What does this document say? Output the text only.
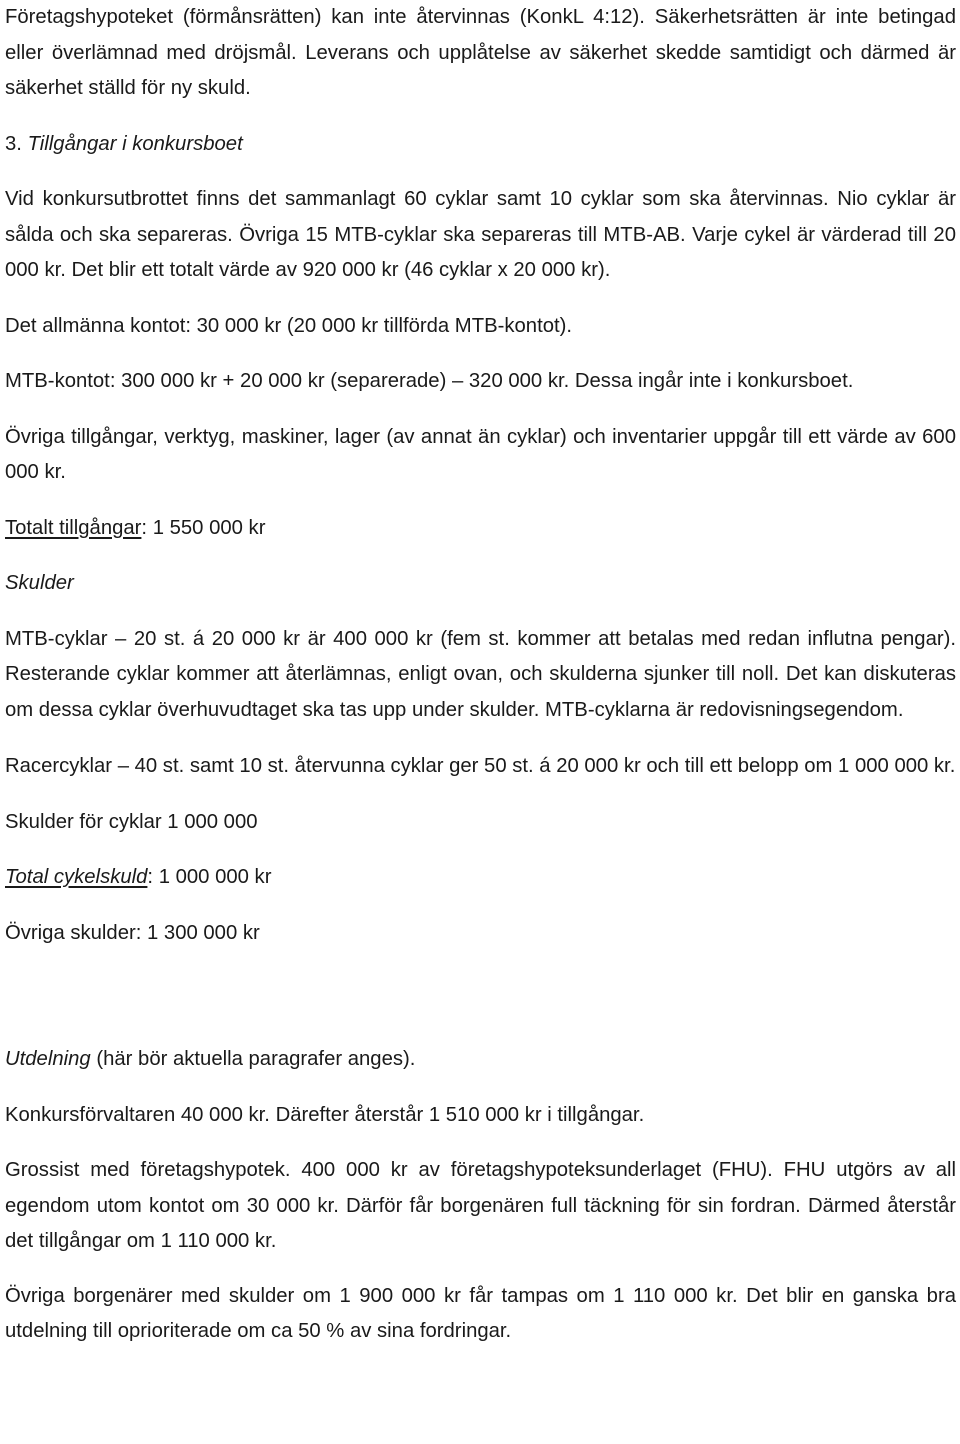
Företagshypoteket (förmånsrätten) kan inte återvinnas (KonkL 4:12). Säkerhetsrätten är inte betingad eller överlämnad med dröjsmål. Leverans och upplåtelse av säkerhet skedde samtidigt och därmed är säkerhet ställd för ny skuld.

3. Tillgångar i konkursboet

Vid konkursutbrottet finns det sammanlagt 60 cyklar samt 10 cyklar som ska återvinnas. Nio cyklar är sålda och ska separeras. Övriga 15 MTB-cyklar ska separeras till MTB-AB. Varje cykel är värderad till 20 000 kr. Det blir ett totalt värde av 920 000 kr (46 cyklar x 20 000 kr).

Det allmänna kontot: 30 000 kr (20 000 kr tillförda MTB-kontot).

MTB-kontot: 300 000 kr + 20 000 kr (separerade) – 320 000 kr. Dessa ingår inte i konkursboet.

Övriga tillgångar, verktyg, maskiner, lager (av annat än cyklar) och inventarier uppgår till ett värde av 600 000 kr.

Totalt tillgångar: 1 550 000 kr

Skulder

MTB-cyklar – 20 st. á 20 000 kr är 400 000 kr (fem st. kommer att betalas med redan influtna pengar). Resterande cyklar kommer att återlämnas, enligt ovan, och skulderna sjunker till noll. Det kan diskuteras om dessa cyklar överhuvudtaget ska tas upp under skulder. MTB-cyklarna är redovisningsegendom.

Racercyklar – 40 st. samt 10 st. återvunna cyklar ger 50 st. á 20 000 kr och till ett belopp om 1 000 000 kr.

Skulder för cyklar 1 000 000

Total cykelskuld: 1 000 000 kr

Övriga skulder: 1 300 000 kr

Utdelning (här bör aktuella paragrafer anges).

Konkursförvaltaren 40 000 kr. Därefter återstår 1 510 000 kr i tillgångar.

Grossist med företagshypotek. 400 000 kr av företagshypoteksunderlaget (FHU). FHU utgörs av all egendom utom kontot om 30 000 kr. Därför får borgenären full täckning för sin fordran. Därmed återstår det tillgångar om 1 110 000 kr.

Övriga borgenärer med skulder om 1 900 000 kr får tampas om 1 110 000 kr. Det blir en ganska bra utdelning till oprioriterade om ca 50 % av sina fordringar.
